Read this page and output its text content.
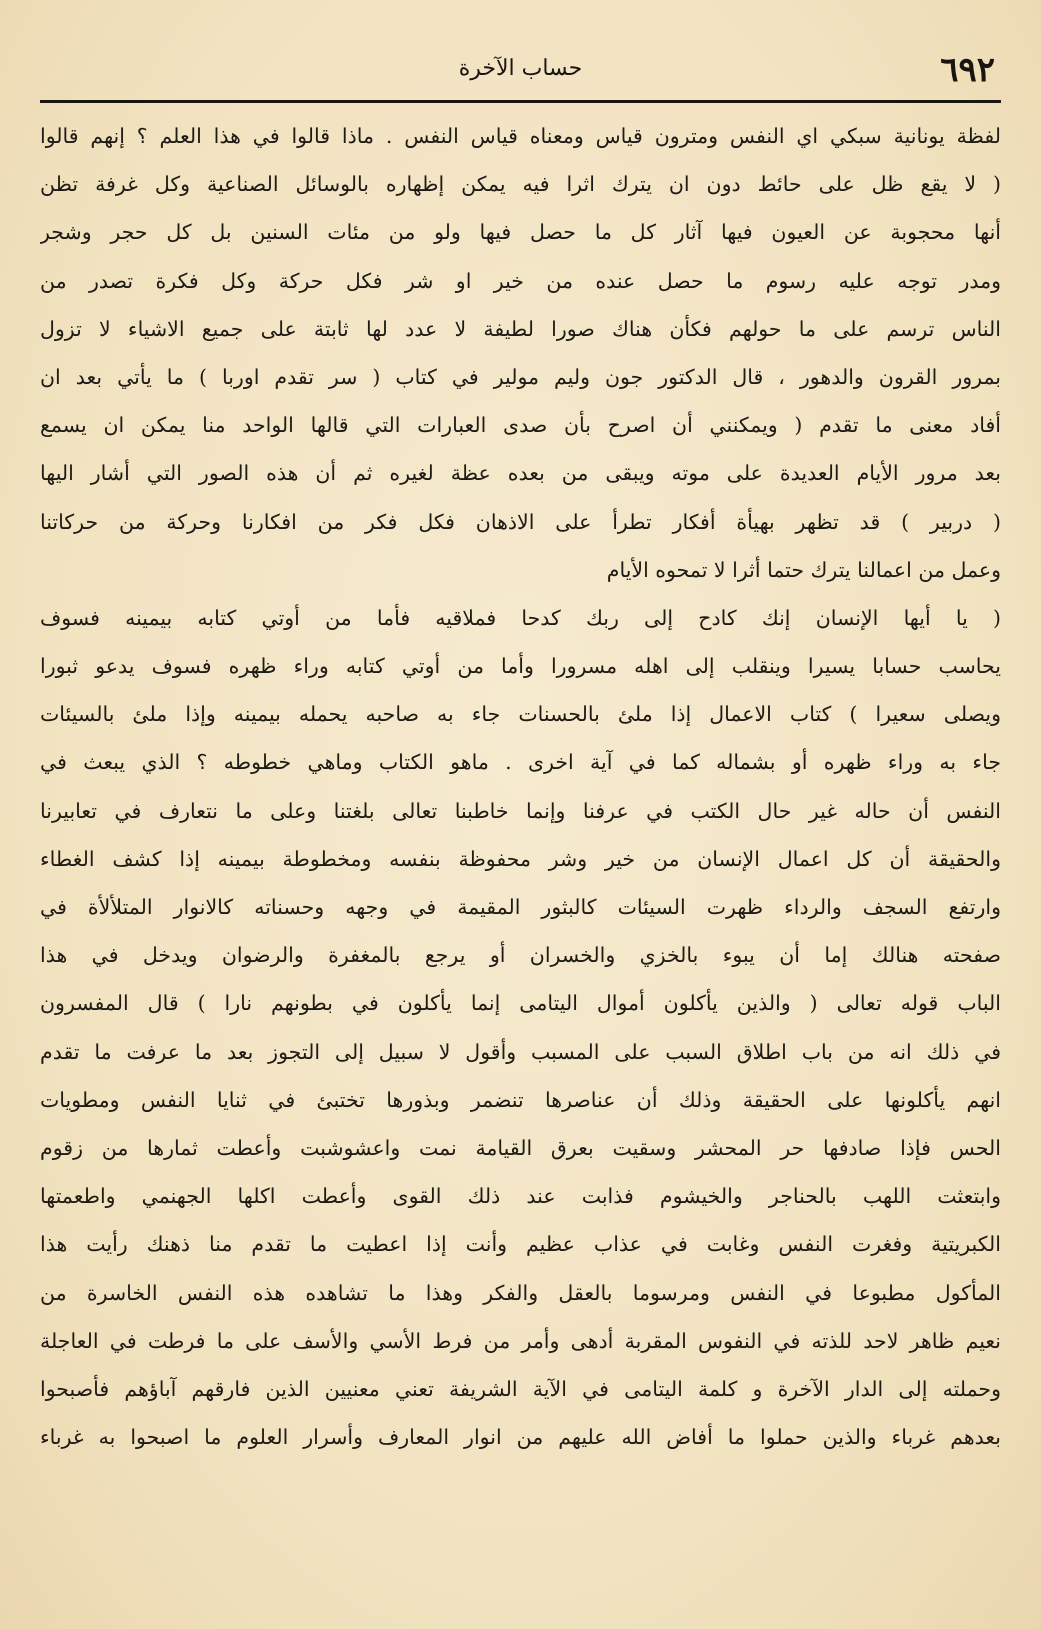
٦٩٢
حساب الآخرة
لفظة يونانية سبكي اي النفس ومترون قياس ومعناه قياس النفس . ماذا قالوا في هذا العلم ؟ إنهم قالوا
( لا يقع ظل على حائط دون ان يترك اثرا فيه يمكن إظهاره بالوسائل الصناعية وكل غرفة تظن
أنها محجوبة عن العيون فيها آثار كل ما حصل فيها ولو من مئات السنين بل كل حجر وشجر
ومدر توجه عليه رسوم ما حصل عنده من خير او شر فكل حركة وكل فكرة تصدر من
الناس ترسم على ما حولهم فكأن هناك صورا لطيفة لا عدد لها ثابتة على جميع الاشياء لا تزول
بمرور القرون والدهور ، قال الدكتور جون وليم مولير في كتاب ( سر تقدم اوربا ) ما يأتي بعد ان
أفاد معنى ما تقدم ( ويمكنني أن اصرح بأن صدى العبارات التي قالها الواحد منا يمكن ان يسمع
بعد مرور الأيام العديدة على موته ويبقى من بعده عظة لغيره ثم أن هذه الصور التي أشار اليها
( دربير ) قد تظهر بهيأة أفكار تطرأ على الاذهان فكل فكر من افكارنا وحركة من حركاتنا
وعمل من اعمالنا يترك حتما أثرا لا تمحوه الأيام
( يا أيها الإنسان إنك كادح إلى ربك كدحا فملاقيه فأما من أوتي كتابه بيمينه فسوف
يحاسب حسابا يسيرا وينقلب إلى اهله مسرورا وأما من أوتي كتابه وراء ظهره فسوف يدعو ثبورا
ويصلى سعيرا ) كتاب الاعمال إذا ملئ بالحسنات جاء به صاحبه يحمله بيمينه وإذا ملئ بالسيئات
جاء به وراء ظهره أو بشماله كما في آية اخرى . ماهو الكتاب وماهي خطوطه ؟ الذي يبعث في
النفس أن حاله غير حال الكتب في عرفنا وإنما خاطبنا تعالى بلغتنا وعلى ما نتعارف في تعابيرنا
والحقيقة أن كل اعمال الإنسان من خير وشر محفوظة بنفسه ومخطوطة بيمينه إذا كشف الغطاء
وارتفع السجف والرداء ظهرت السيئات كالبثور المقيمة في وجهه وحسناته كالانوار المتلألأة في
صفحته هنالك إما أن يبوء بالخزي والخسران أو يرجع بالمغفرة والرضوان ويدخل في هذا
الباب قوله تعالى ( والذين يأكلون أموال اليتامى إنما يأكلون في بطونهم نارا ) قال المفسرون
في ذلك انه من باب اطلاق السبب على المسبب وأقول لا سبيل إلى التجوز بعد ما عرفت ما تقدم
انهم يأكلونها على الحقيقة وذلك أن عناصرها تنضمر وبذورها تختبئ في ثنايا النفس ومطويات
الحس فإذا صادفها حر المحشر وسقيت بعرق القيامة نمت واعشوشبت وأعطت ثمارها من زقوم
وابتعثت اللهب بالحناجر والخيشوم فذابت عند ذلك القوى وأعطت اكلها الجهنمي واطعمتها
الكبريتية وفغرت النفس وغابت في عذاب عظيم وأنت إذا اعطيت ما تقدم منا ذهنك رأيت هذا
المأكول مطبوعا في النفس ومرسوما بالعقل والفكر وهذا ما تشاهده هذه النفس الخاسرة من
نعيم ظاهر لاحد للذته في النفوس المقربة أدهى وأمر من فرط الأسي والأسف على ما فرطت في العاجلة
وحملته إلى الدار الآخرة و كلمة اليتامى في الآية الشريفة تعني معنيين الذين فارقهم آباؤهم فأصبحوا
بعدهم غرباء والذين حملوا ما أفاض الله عليهم من انوار المعارف وأسرار العلوم ما اصبحوا به غرباء
